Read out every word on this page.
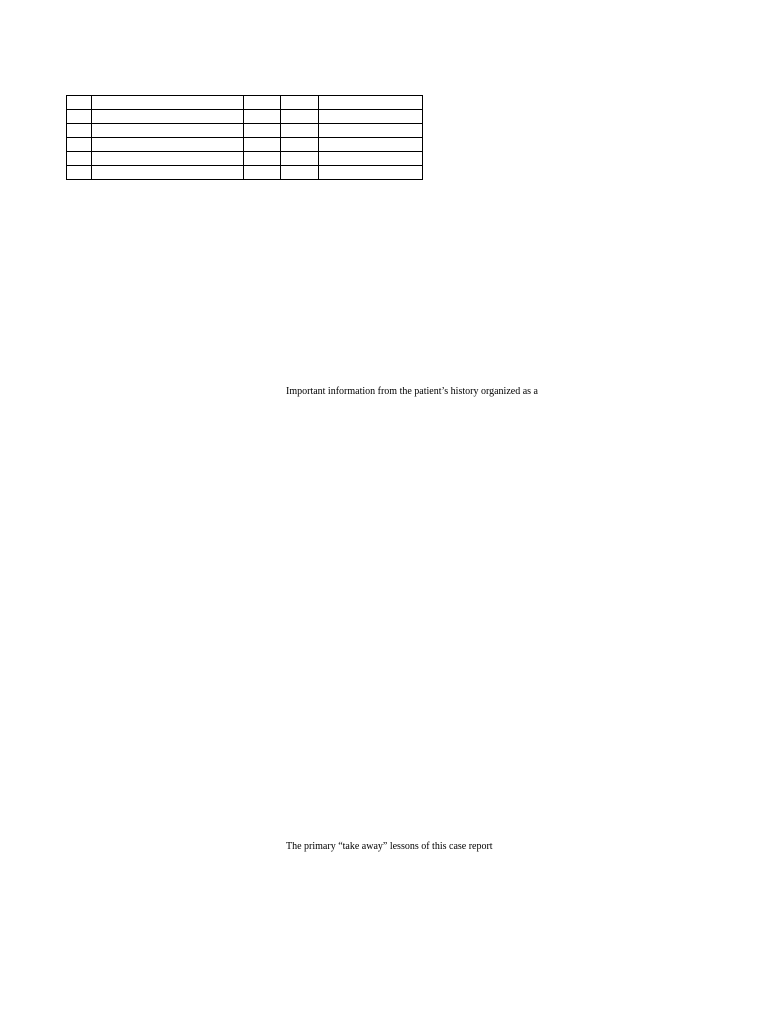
Important information from the patient’s history organized as a
The primary “take away” lessons of this case report
